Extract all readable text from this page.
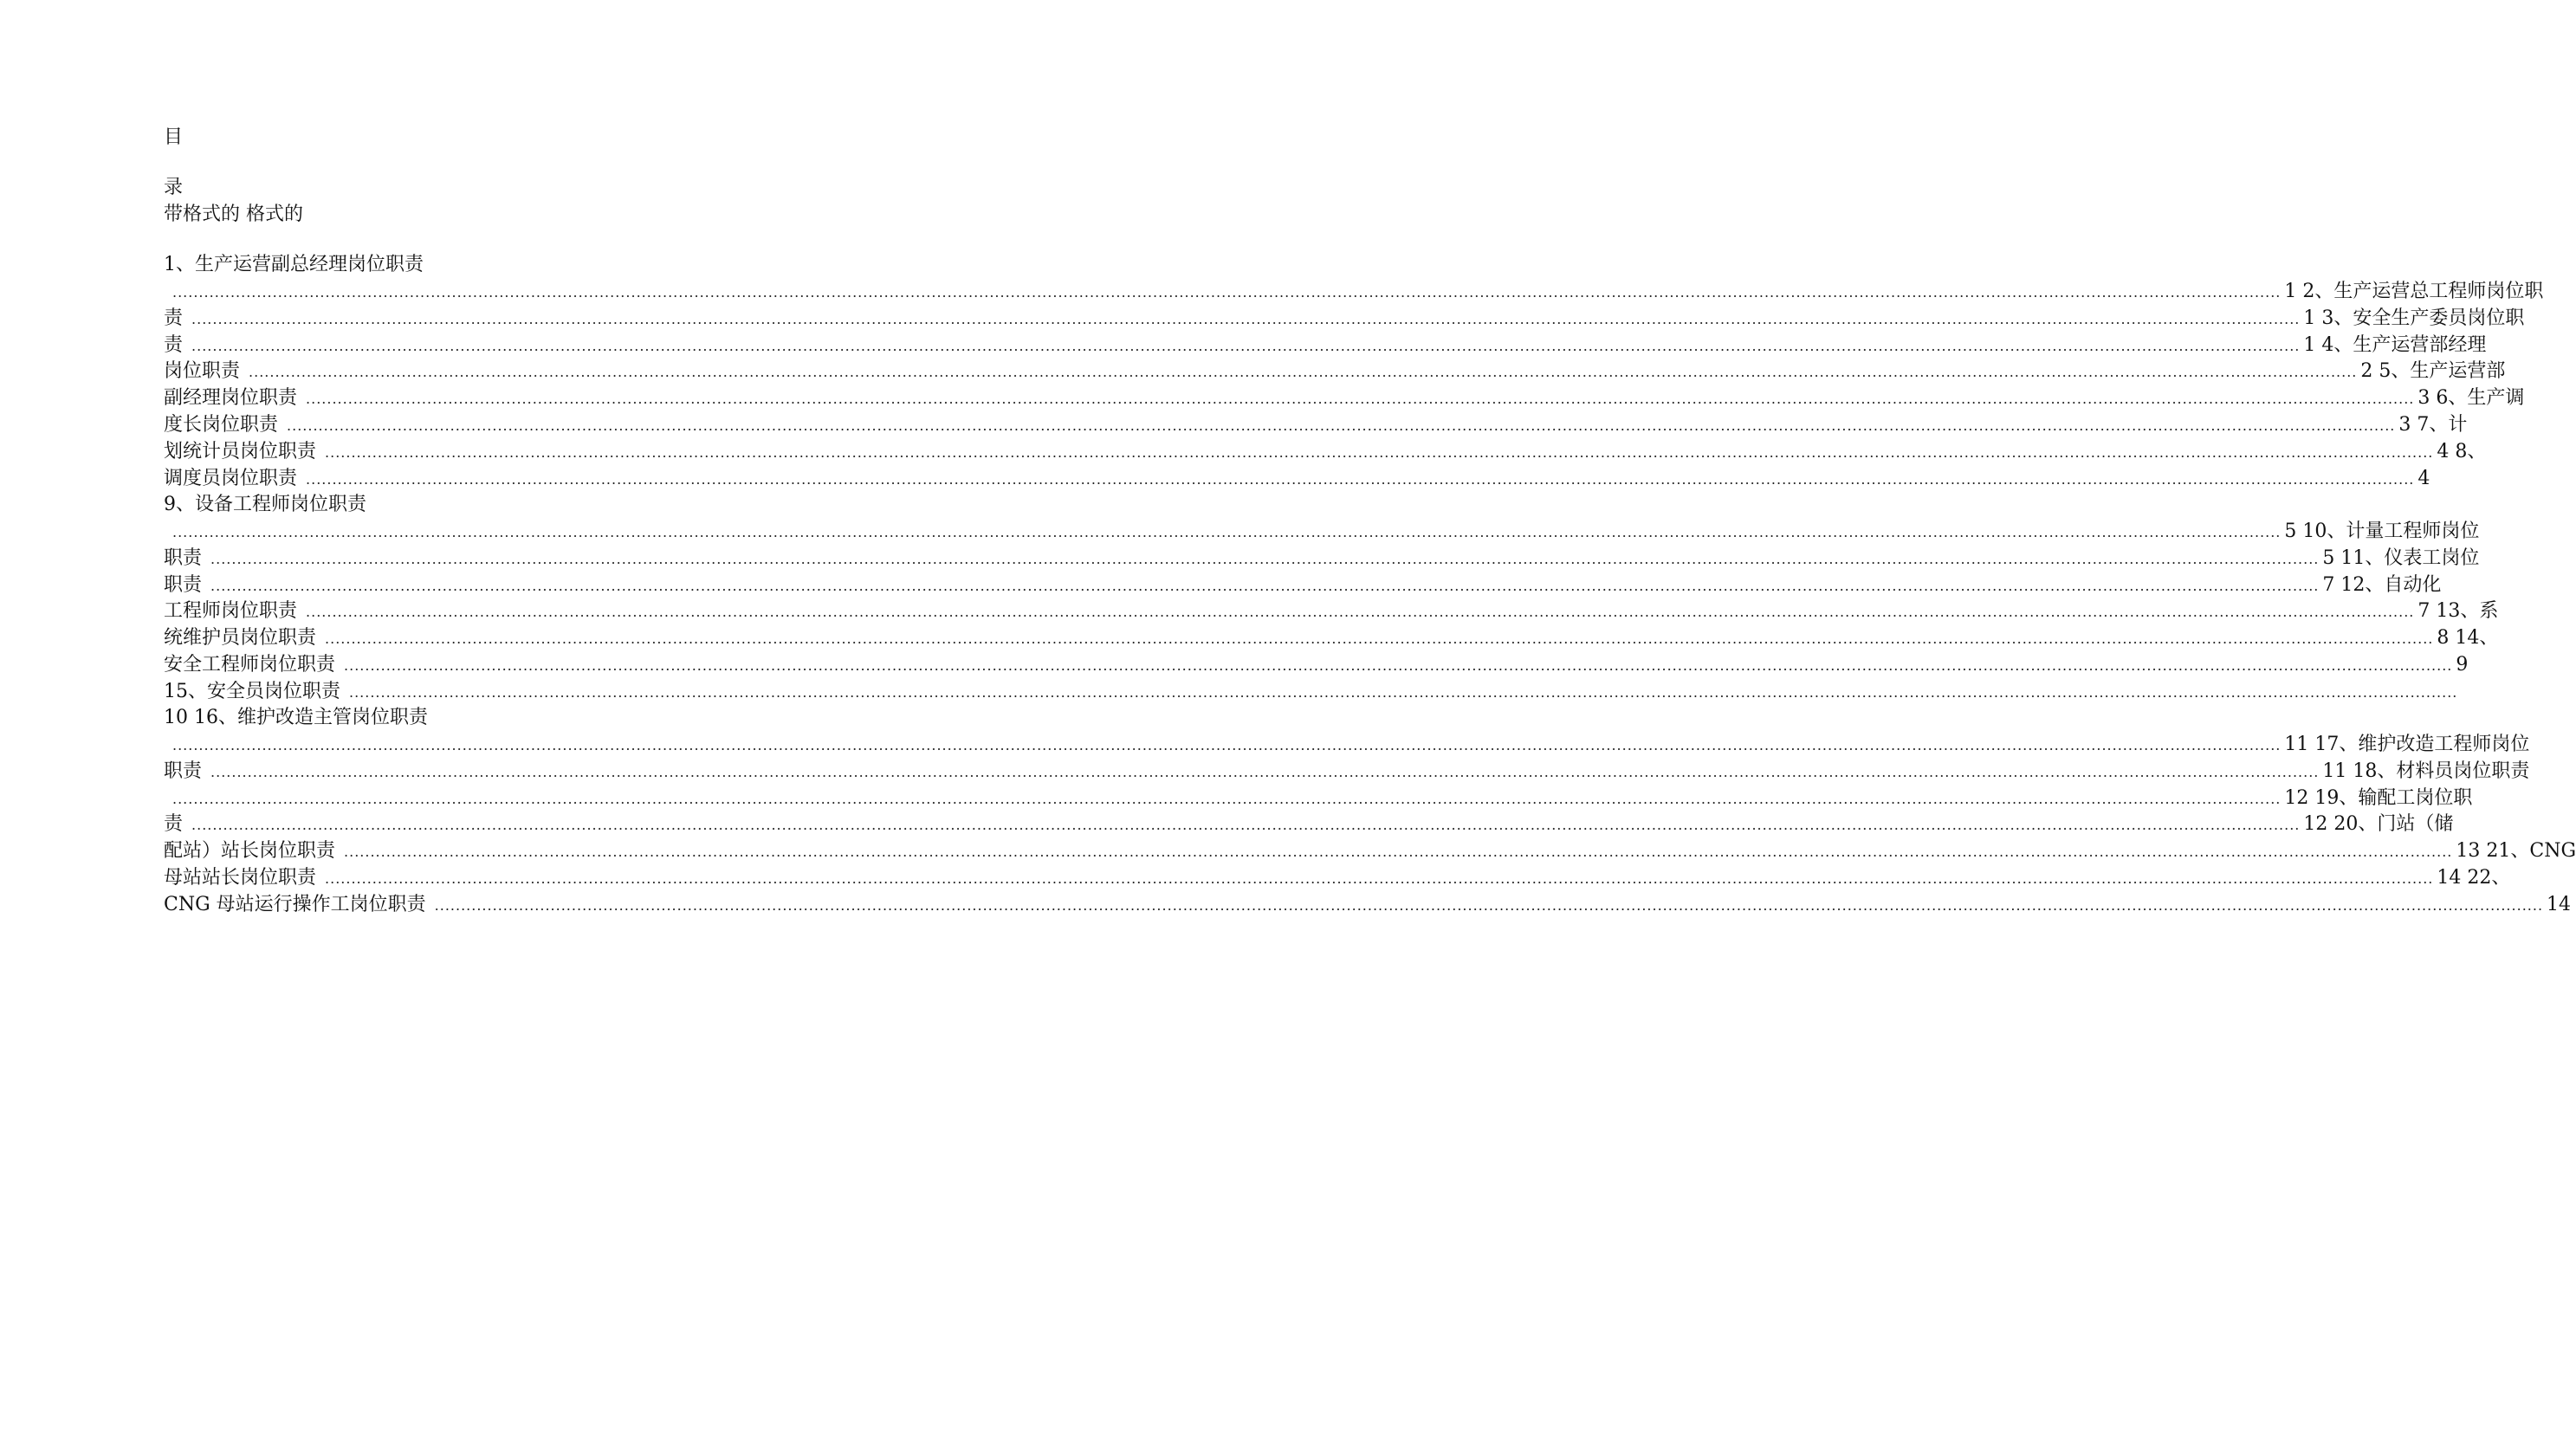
目
录
带格式的 格式的
1、生产运营副总经理岗位职责
................................................................................................................................................................................................................................................................................................................................................................................................................ 1 2、生产运营总工程师岗位职
责 ................................................................................................................................................................................................................................................................................................................................................................................................................ 1 3、安全生产委员岗位职
责 ................................................................................................................................................................................................................................................................................................................................................................................................................ 1 4、生产运营部经理
岗位职责 ................................................................................................................................................................................................................................................................................................................................................................................................................ 2 5、生产运营部
副经理岗位职责 ................................................................................................................................................................................................................................................................................................................................................................................................................ 3 6、生产调
度长岗位职责 ................................................................................................................................................................................................................................................................................................................................................................................................................ 3 7、计
划统计员岗位职责 ................................................................................................................................................................................................................................................................................................................................................................................................................ 4 8、
调度员岗位职责 ................................................................................................................................................................................................................................................................................................................................................................................................................ 4
9、设备工程师岗位职责
................................................................................................................................................................................................................................................................................................................................................................................................................ 5 10、计量工程师岗位
职责 ................................................................................................................................................................................................................................................................................................................................................................................................................ 5 11、仪表工岗位
职责 ................................................................................................................................................................................................................................................................................................................................................................................................................ 7 12、自动化
工程师岗位职责 ................................................................................................................................................................................................................................................................................................................................................................................................................ 7 13、系
统维护员岗位职责 ................................................................................................................................................................................................................................................................................................................................................................................................................ 8 14、
安全工程师岗位职责 ................................................................................................................................................................................................................................................................................................................................................................................................................ 9
15、安全员岗位职责 ................................................................................................................................................................................................................................................................................................................................................................................................................
10 16、维护改造主管岗位职责
................................................................................................................................................................................................................................................................................................................................................................................................................ 11 17、维护改造工程师岗位
职责 ................................................................................................................................................................................................................................................................................................................................................................................................................ 11 18、材料员岗位职责
................................................................................................................................................................................................................................................................................................................................................................................................................ 12 19、输配工岗位职
责 ................................................................................................................................................................................................................................................................................................................................................................................................................ 12 20、门站（储
配站）站长岗位职责 ................................................................................................................................................................................................................................................................................................................................................................................................................ 13 21、CNG
母站站长岗位职责 ................................................................................................................................................................................................................................................................................................................................................................................................................ 14 22、
CNG 母站运行操作工岗位职责 ................................................................................................................................................................................................................................................................................................................................................................................................................ 14
